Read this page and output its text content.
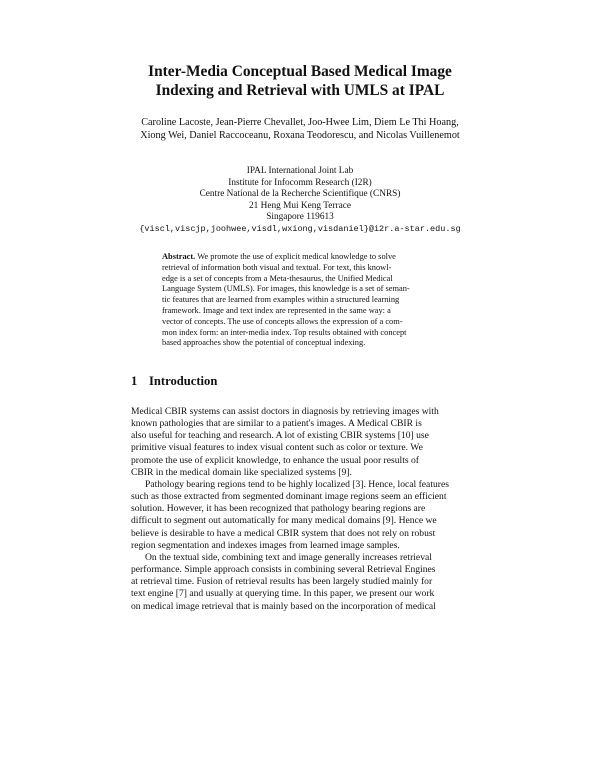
Inter-Media Conceptual Based Medical Image
Indexing and Retrieval with UMLS at IPAL
Caroline Lacoste, Jean-Pierre Chevallet, Joo-Hwee Lim, Diem Le Thi Hoang,
Xiong Wei, Daniel Raccoceanu, Roxana Teodorescu, and Nicolas Vuillenemot
IPAL International Joint Lab
Institute for Infocomm Research (I2R)
Centre National de la Recherche Scientifique (CNRS)
21 Heng Mui Keng Terrace
Singapore 119613
{viscl,viscjp,joohwee,visdl,wxiong,visdaniel}@i2r.a-star.edu.sg
Abstract. We promote the use of explicit medical knowledge to solve
retrieval of information both visual and textual. For text, this knowl-
edge is a set of concepts from a Meta-thesaurus, the Unified Medical
Language System (UMLS). For images, this knowledge is a set of seman-
tic features that are learned from examples within a structured learning
framework. Image and text index are represented in the same way: a
vector of concepts. The use of concepts allows the expression of a com-
mon index form: an inter-media index. Top results obtained with concept
based approaches show the potential of conceptual indexing.
1 Introduction
Medical CBIR systems can assist doctors in diagnosis by retrieving images with
known pathologies that are similar to a patient's images. A Medical CBIR is
also useful for teaching and research. A lot of existing CBIR systems [10] use
primitive visual features to index visual content such as color or texture. We
promote the use of explicit knowledge, to enhance the usual poor results of
CBIR in the medical domain like specialized systems [9].
Pathology bearing regions tend to be highly localized [3]. Hence, local features
such as those extracted from segmented dominant image regions seem an efficient
solution. However, it has been recognized that pathology bearing regions are
difficult to segment out automatically for many medical domains [9]. Hence we
believe is desirable to have a medical CBIR system that does not rely on robust
region segmentation and indexes images from learned image samples.
On the textual side, combining text and image generally increases retrieval
performance. Simple approach consists in combining several Retrieval Engines
at retrieval time. Fusion of retrieval results has been largely studied mainly for
text engine [7] and usually at querying time. In this paper, we present our work
on medical image retrieval that is mainly based on the incorporation of medical
